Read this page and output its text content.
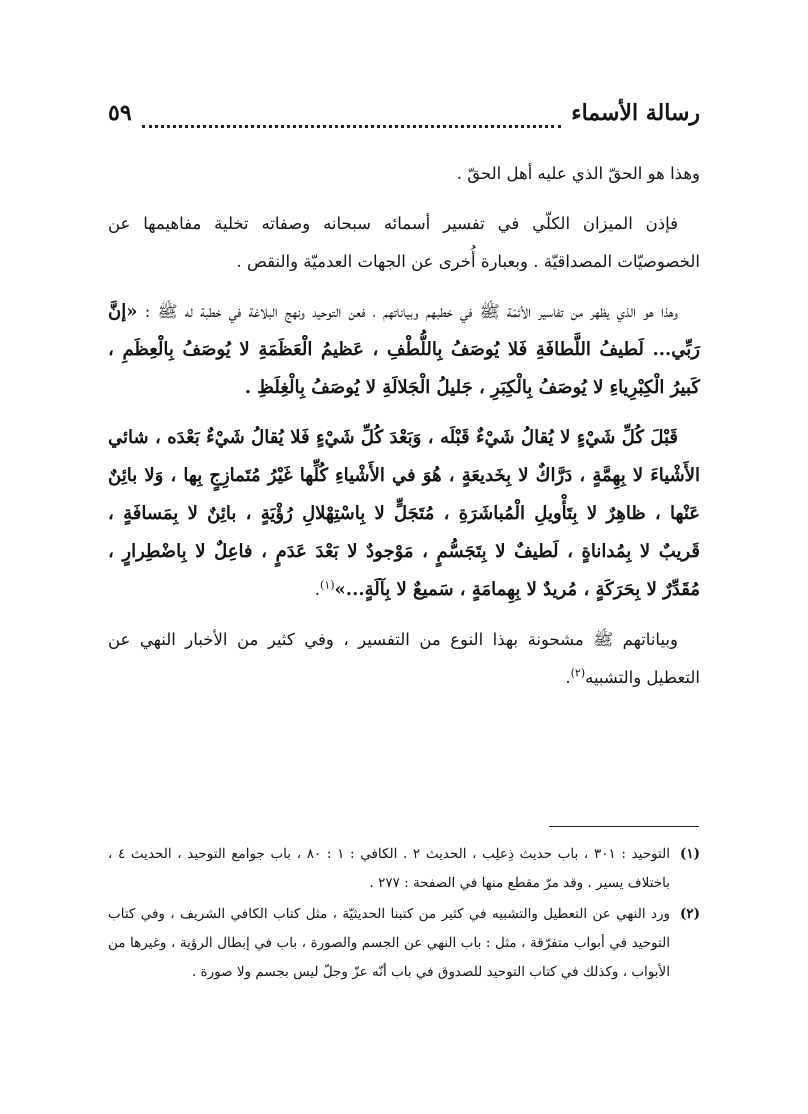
رسالة الأسماء
٥٩

وهذا هو الحقّ الذي عليه أهل الحقّ .

فإذن الميزان الكلّي في تفسير أسمائه سبحانه وصفاته تخلية مفاهيمها عن الخصوصيّات المصداقيّة . وبعبارة أُخرى عن الجهات العدميّة والنقص .

وهذا هو الذي يظهر من تفاسير الأئمّة ﷺ في خطبهم وبياناتهم ، فعن التوحيد ونهج البلاغة في خطبة له ﷺ : «إنَّ رَبِّي... لَطيفُ اللَّطافَةِ فَلا يُوصَفُ بِاللُّطْفِ ، عَظيمُ الْعَظَمَةِ لا يُوصَفُ بِالْعِظَمِ ، كَبيرُ الْكِبْرِياءِ لا يُوصَفُ بِالْكِبَرِ ، جَليلُ الْجَلالَةِ لا يُوصَفُ بِالْغِلَظِ .

قَبْلَ كُلِّ شَيْءٍ لا يُقالُ شَيْءٌ قَبْلَه ، وَبَعْدَ كُلِّ شَيْءٍ فَلا يُقالُ شَيْءٌ بَعْدَه ، شائي الأَشْياءَ لا بِهِمَّةٍ ، دَرَّاكٌ لا بِخَديعَةٍ ، هُوَ في الأَشْياءِ كُلِّها غَيْرُ مُتَمازِجٍ بِها ، وَلا بائِنٌ عَنْها ، ظاهِرٌ لا بِتَأْويلِ الْمُباشَرَةِ ، مُتَجَلٍّ لا بِاسْتِهْلالِ رُؤْيَةٍ ، بائِنٌ لا بِمَسافَةٍ ، قَريبٌ لا بِمُداناةٍ ، لَطيفٌ لا بِتَجَسُّمٍ ، مَوْجودٌ لا بَعْدَ عَدَمٍ ، فاعِلٌ لا بِاضْطِرارٍ ، مُقَدِّرٌ لا بِحَرَكَةٍ ، مُريدٌ لا بِهِمامَةٍ ، سَميعٌ لا بِآلَةٍ...»$^{(١)}$.

وبياناتهم ﷺ مشحونة بهذا النوع من التفسير ، وفي كثير من الأخبار النهي عن التعطيل والتشبيه$^{(٢)}$.

(١)
التوحيد : ٣٠١ ، باب حديث ذِعلِب ، الحديث ٢ . الكافي : ١ : ٨٠ ، باب جوامع التوحيد ، الحديث ٤ ، باختلاف يسير . وقد مرّ مقطع منها في الصفحة : ٢٧٧ .
(٢)
ورد النهي عن التعطيل والتشبيه في كثير من كتبنا الحديثيّة ، مثل كتاب الكافي الشريف ، وفي كتاب التوحيد في أبواب متفرّقة ، مثل : باب النهي عن الجسم والصورة ، باب في إبطال الرؤية ، وغيرها من الأبواب ، وكذلك في كتاب التوحيد للصدوق في باب أنّه عزّ وجلّ ليس بجسم ولا صورة .
